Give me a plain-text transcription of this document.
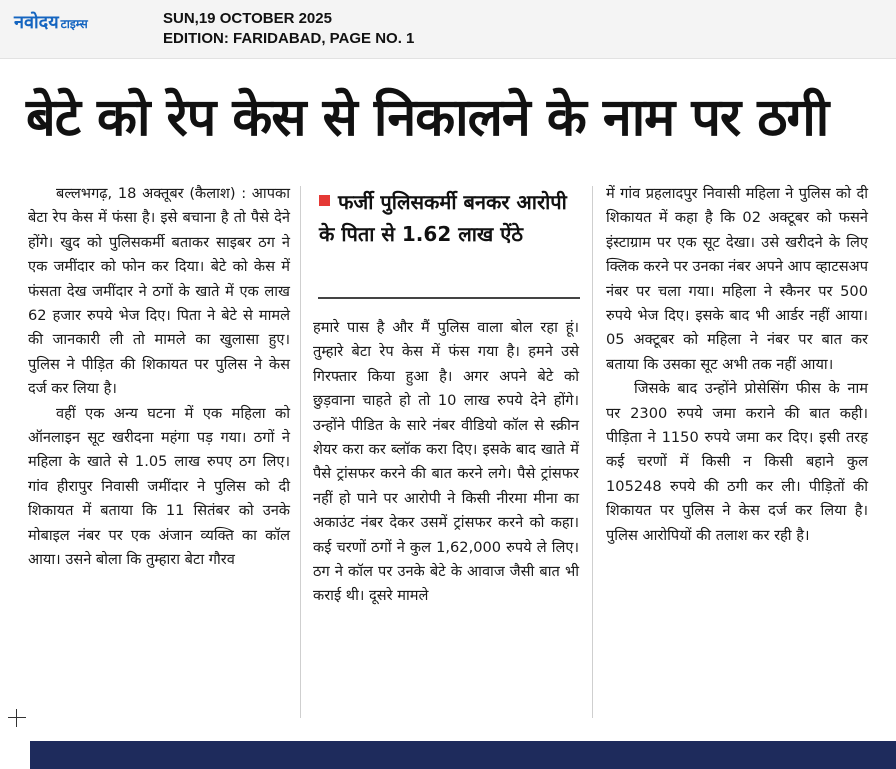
नवोदय टाइम्स	SUN,19 OCTOBER 2025
EDITION: FARIDABAD, PAGE NO. 1
बेटे को रेप केस से निकालने के नाम पर ठगी

बल्लभगढ़, 18 अक्तूबर (कैलाश) : आपका बेटा रेप केस में फंसा है। इसे बचाना है तो पैसे देने होंगे। खुद को पुलिसकर्मी बताकर साइबर ठग ने एक जमींदार को फोन कर दिया। बेटे को केस में फंसता देख जमींदार ने ठगों के खाते में एक लाख 62 हजार रुपये भेज दिए। पिता ने बेटे से मामले की जानकारी ली तो मामले का खुलासा हुए। पुलिस ने पीड़ित की शिकायत पर पुलिस ने केस दर्ज कर लिया है।

वहीं एक अन्य घटना में एक महिला को ऑनलाइन सूट खरीदना महंगा पड़ गया। ठगों ने महिला के खाते से 1.05 लाख रुपए ठग लिए। गांव हीरापुर निवासी जमींदार ने पुलिस को दी शिकायत में बताया कि 11 सितंबर को उनके मोबाइल नंबर पर एक अंजान व्यक्ति का कॉल आया। उसने बोला कि तुम्हारा बेटा गौरव

फर्जी पुलिसकर्मी बनकर आरोपी के पिता से 1.62 लाख ऐंठे

हमारे पास है और मैं पुलिस वाला बोल रहा हूं। तुम्हारे बेटा रेप केस में फंस गया है। हमने उसे गिरफ्तार किया हुआ है। अगर अपने बेटे को छुड़वाना चाहते हो तो 10 लाख रुपये देने होंगे। उन्होंने पीडित के सारे नंबर वीडियो कॉल से स्क्रीन शेयर करा कर ब्लॉक करा दिए। इसके बाद खाते में पैसे ट्रांसफर करने की बात करने लगे। पैसे ट्रांसफर नहीं हो पाने पर आरोपी ने किसी नीरमा मीना का अकाउंट नंबर देकर उसमें ट्रांसफर करने को कहा। कई चरणों ठगों ने कुल 1,62,000 रुपये ले लिए। ठग ने कॉल पर उनके बेटे के आवाज जैसी बात भी कराई थी। दूसरे मामले

में गांव प्रहलादपुर निवासी महिला ने पुलिस को दी शिकायत में कहा है कि 02 अक्टूबर को फसने इंस्टाग्राम पर एक सूट देखा। उसे खरीदने के लिए क्लिक करने पर उनका नंबर अपने आप व्हाटसअप नंबर पर चला गया। महिला ने स्कैनर पर 500 रुपये भेज दिए। इसके बाद भी आर्डर नहीं आया। 05 अक्टूबर को महिला ने नंबर पर बात कर बताया कि उसका सूट अभी तक नहीं आया।

जिसके बाद उन्होंने प्रोसेसिंग फीस के नाम पर 2300 रुपये जमा कराने की बात कही। पीड़िता ने 1150 रुपये जमा कर दिए। इसी तरह कई चरणों में किसी न किसी बहाने कुल 105248 रुपये की ठगी कर ली। पीड़ितों की शिकायत पर पुलिस ने केस दर्ज कर लिया है। पुलिस आरोपियों की तलाश कर रही है।
